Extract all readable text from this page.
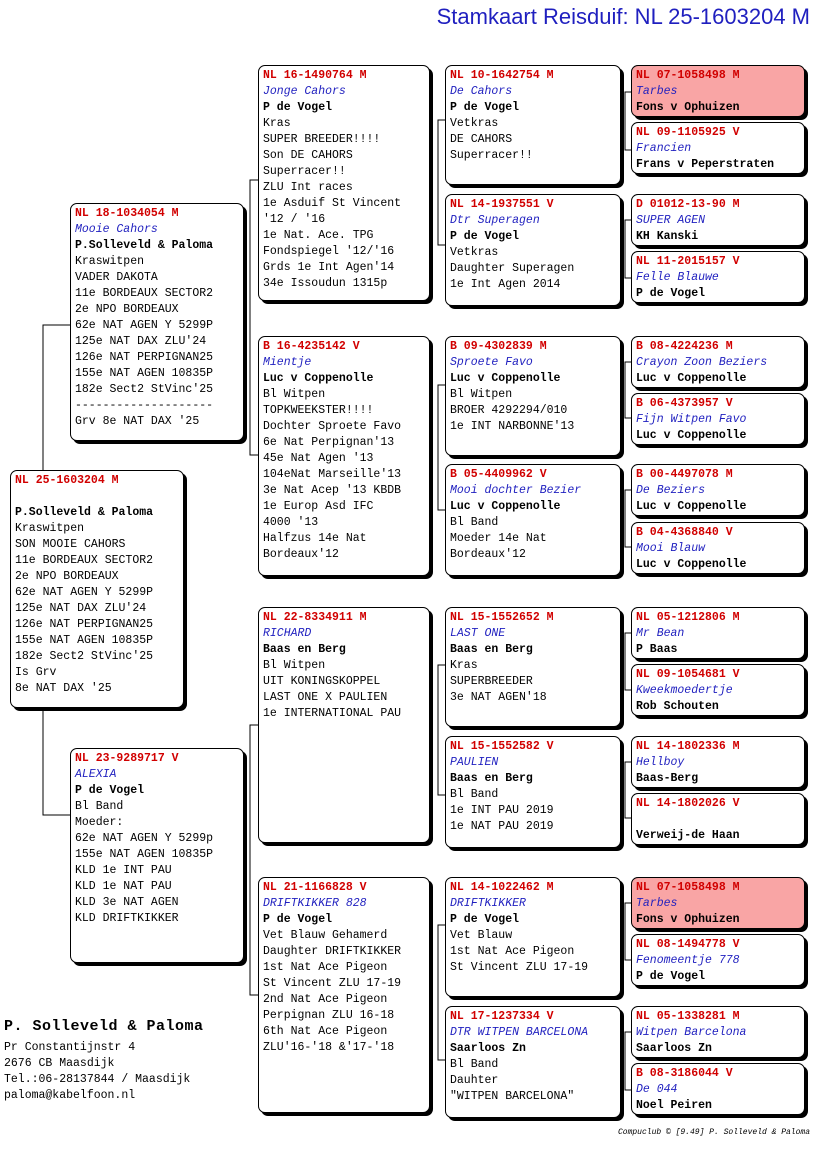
Stamkaart Reisduif: NL 25-1603204 M
NL 25-1603204 M
P.Solleveld & Paloma
Kraswitpen
SON MOOIE CAHORS
11e BORDEAUX SECTOR2
2e NPO BORDEAUX
62e NAT AGEN Y 5299P
125e NAT DAX ZLU'24
126e NAT PERPIGNAN25
155e NAT AGEN 10835P
182e Sect2 StVinc'25
Is Grv
8e NAT DAX '25
NL 18-1034054 M
Mooie Cahors
P.Solleveld & Paloma
Kraswitpen
VADER DAKOTA
11e BORDEAUX SECTOR2
2e NPO BORDEAUX
62e NAT AGEN Y 5299P
125e NAT DAX ZLU'24
126e NAT PERPIGNAN25
155e NAT AGEN 10835P
182e Sect2 StVinc'25
--------------------
Grv 8e NAT DAX '25
NL 23-9289717 V
ALEXIA
P de Vogel
Bl Band
Moeder:
62e NAT AGEN Y 5299p
155e NAT AGEN 10835P
KLD 1e INT PAU
KLD 1e NAT PAU
KLD 3e NAT AGEN
KLD DRIFTKIKKER
NL 16-1490764 M
Jonge Cahors
P de Vogel
Kras
SUPER BREEDER!!!!
Son DE CAHORS
Superracer!!
ZLU Int races
1e Asduif St Vincent
'12 / '16
1e Nat. Ace. TPG
Fondspiegel '12/'16
Grds 1e Int Agen'14
34e Issoudun 1315p
B 16-4235142 V
Mientje
Luc v Coppenolle
Bl Witpen
TOPKWEEKSTER!!!!
Dochter Sproete Favo
6e Nat Perpignan'13
45e Nat Agen '13
104eNat Marseille'13
3e Nat Acep '13 KBDB
1e Europ Asd IFC
4000 '13
Halfzus 14e Nat
Bordeaux'12
NL 22-8334911 M
RICHARD
Baas en Berg
Bl Witpen
UIT KONINGSKOPPEL
LAST ONE X PAULIEN
1e INTERNATIONAL PAU
NL 21-1166828 V
DRIFTKIKKER 828
P de Vogel
Vet Blauw Gehamerd
Daughter DRIFTKIKKER
1st Nat Ace Pigeon
St Vincent ZLU 17-19
2nd Nat Ace Pigeon
Perpignan ZLU 16-18
6th Nat Ace Pigeon
ZLU'16-'18 &'17-'18
NL 10-1642754 M
De Cahors
P de Vogel
Vetkras
DE CAHORS
Superracer!!
NL 14-1937551 V
Dtr Superagen
P de Vogel
Vetkras
Daughter Superagen
1e Int Agen 2014
B 09-4302839 M
Sproete Favo
Luc v Coppenolle
Bl Witpen
BROER 4292294/010
1e INT NARBONNE'13
B 05-4409962 V
Mooi dochter Bezier
Luc v Coppenolle
Bl Band
Moeder 14e Nat
Bordeaux'12
NL 15-1552652 M
LAST ONE
Baas en Berg
Kras
SUPERBREEDER
3e NAT AGEN'18
NL 15-1552582 V
PAULIEN
Baas en Berg
Bl Band
1e INT PAU 2019
1e NAT PAU 2019
NL 14-1022462 M
DRIFTKIKKER
P de Vogel
Vet Blauw
1st Nat Ace Pigeon
St Vincent ZLU 17-19
NL 17-1237334 V
DTR WITPEN BARCELONA
Saarloos Zn
Bl Band
Dauhter
"WITPEN BARCELONA"
NL 07-1058498 M
Tarbes
Fons v Ophuizen
NL 09-1105925 V
Francien
Frans v Peperstraten
D 01012-13-90 M
SUPER AGEN
KH Kanski
NL 11-2015157 V
Felle Blauwe
P de Vogel
B 08-4224236 M
Crayon Zoon Beziers
Luc v Coppenolle
B 06-4373957 V
Fijn Witpen Favo
Luc v Coppenolle
B 00-4497078 M
De Beziers
Luc v Coppenolle
B 04-4368840 V
Mooi Blauw
Luc v Coppenolle
NL 05-1212806 M
Mr Bean
P Baas
NL 09-1054681 V
Kweekmoedertje
Rob Schouten
NL 14-1802336 M
Hellboy
Baas-Berg
NL 14-1802026 V
Verweij-de Haan
NL 07-1058498 M
Tarbes
Fons v Ophuizen
NL 08-1494778 V
Fenomeentje 778
P de Vogel
NL 05-1338281 M
Witpen Barcelona
Saarloos Zn
B 08-3186044 V
De 044
Noel Peiren
P. Solleveld & Paloma
Pr Constantijnstr 4
2676 CB Maasdijk
Tel.:06-28137844 / Maasdijk
paloma@kabelfoon.nl
Compuclub © [9.49] P. Solleveld & Paloma
